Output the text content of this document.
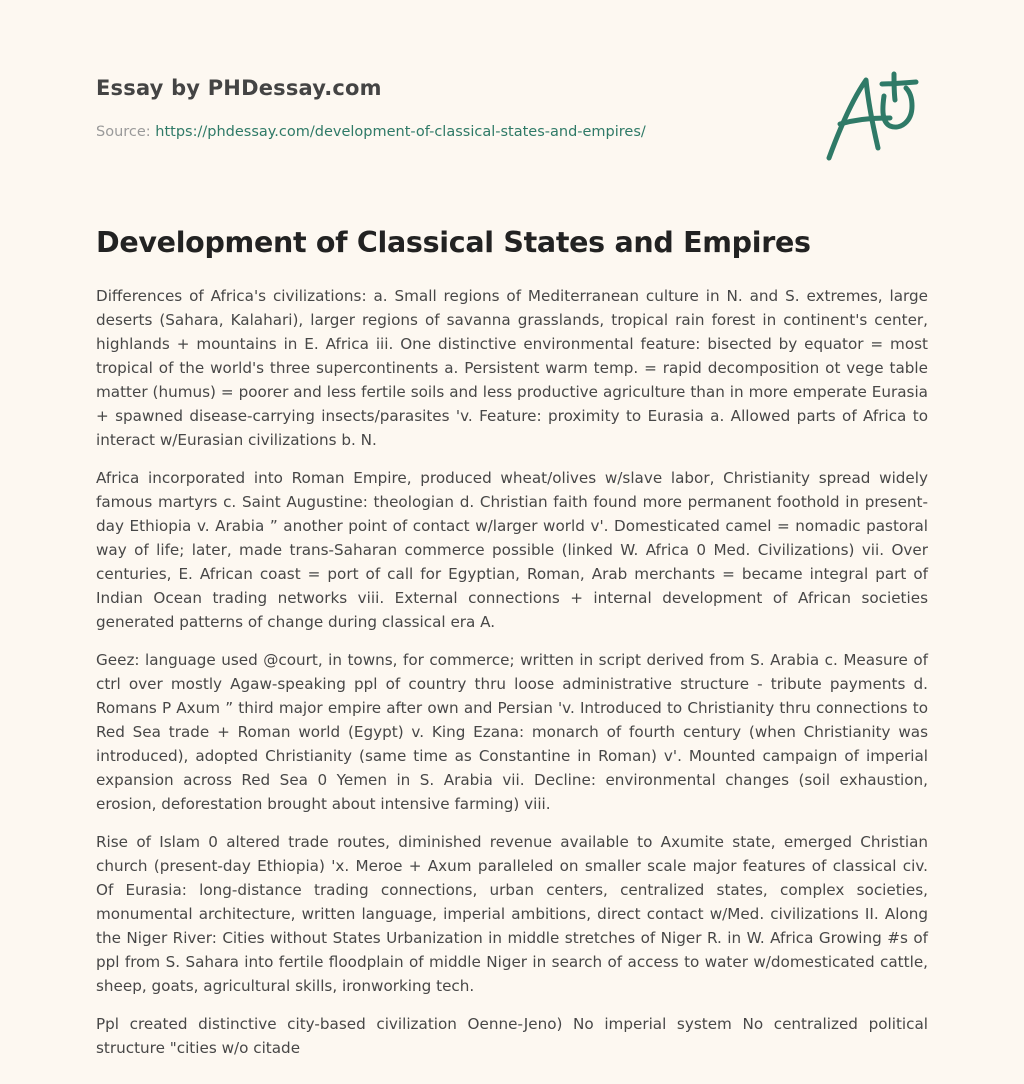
Essay by PHDessay.com
Source: https://phdessay.com/development-of-classical-states-and-empires/
Development of Classical States and Empires

Differences of Africa's civilizations: a. Small regions of Mediterranean culture in N. and S. extremes, large deserts (Sahara, Kalahari), larger regions of savanna grasslands, tropical rain forest in continent's center, highlands + mountains in E. Africa iii. One distinctive environmental feature: bisected by equator = most tropical of the world's three supercontinents a. Persistent warm temp. = rapid decomposition ot vege table matter (humus) = poorer and less fertile soils and less productive agriculture than in more emperate Eurasia + spawned disease-carrying insects/parasites 'v. Feature: proximity to Eurasia a. Allowed parts of Africa to interact w/Eurasian civilizations b. N.

Africa incorporated into Roman Empire, produced wheat/olives w/slave labor, Christianity spread widely famous martyrs c. Saint Augustine: theologian d. Christian faith found more permanent foothold in present-day Ethiopia v. Arabia ” another point of contact w/larger world v'. Domesticated camel = nomadic pastoral way of life; later, made trans-Saharan commerce possible (linked W. Africa 0 Med. Civilizations) vii. Over centuries, E. African coast = port of call for Egyptian, Roman, Arab merchants = became integral part of Indian Ocean trading networks viii. External connections + internal development of African societies generated patterns of change during classical era A.

Geez: language used @court, in towns, for commerce; written in script derived from S. Arabia c. Measure of ctrl over mostly Agaw-speaking ppl of country thru loose administrative structure - tribute payments d. Romans P Axum ” third major empire after own and Persian 'v. Introduced to Christianity thru connections to Red Sea trade + Roman world (Egypt) v. King Ezana: monarch of fourth century (when Christianity was introduced), adopted Christianity (same time as Constantine in Roman) v'. Mounted campaign of imperial expansion across Red Sea 0 Yemen in S. Arabia vii. Decline: environmental changes (soil exhaustion, erosion, deforestation brought about intensive farming) viii.

Rise of Islam 0 altered trade routes, diminished revenue available to Axumite state, emerged Christian church (present-day Ethiopia) 'x. Meroe + Axum paralleled on smaller scale major features of classical civ. Of Eurasia: long-distance trading connections, urban centers, centralized states, complex societies, monumental architecture, written language, imperial ambitions, direct contact w/Med. civilizations II. Along the Niger River: Cities without States Urbanization in middle stretches of Niger R. in W. Africa Growing #s of ppl from S. Sahara into fertile floodplain of middle Niger in search of access to water w/domesticated cattle, sheep, goats, agricultural skills, ironworking tech.

Ppl created distinctive city-based civilization Oenne-Jeno) No imperial system No centralized political structure "cities w/o citade
